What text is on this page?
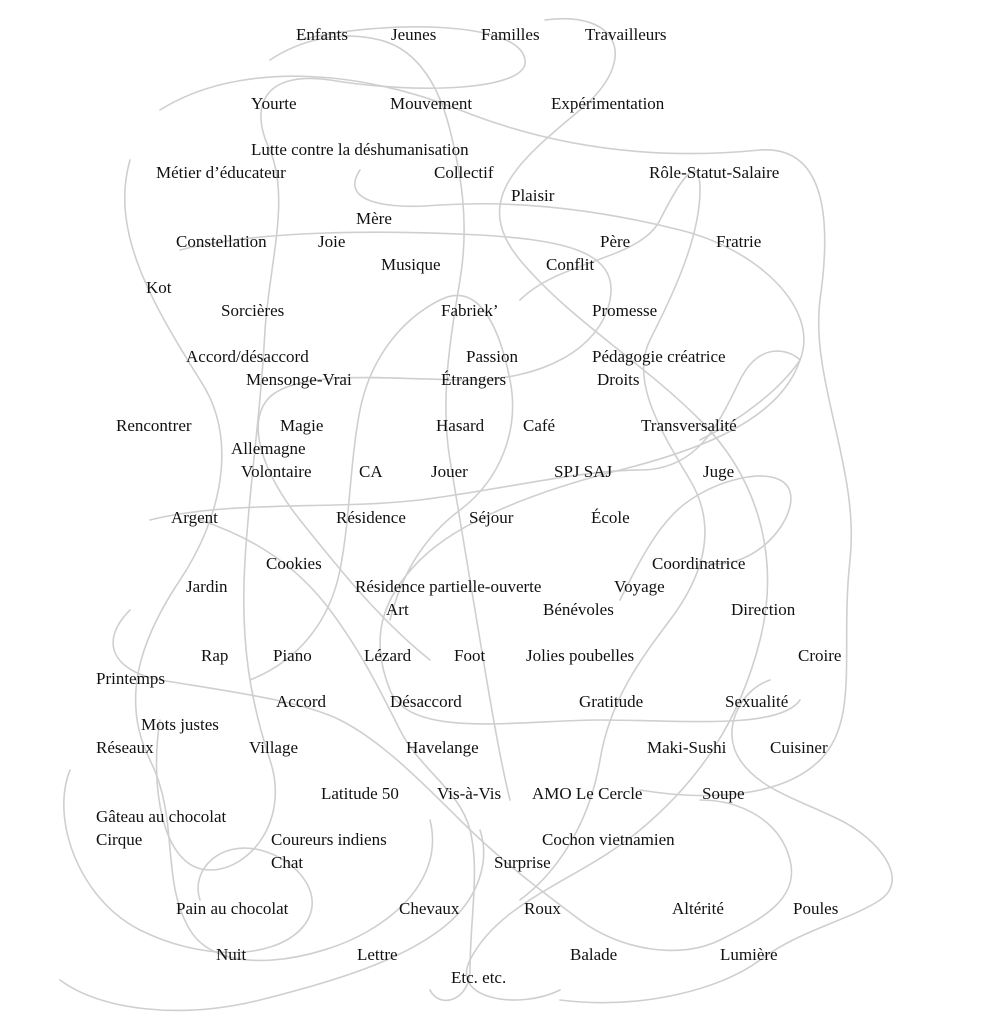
Enfants	Jeunes	Familles	Travailleurs
Yourte	Mouvement	Expérimentation
Lutte contre la déshumanisation
Métier d’éducateur	Collectif	Rôle-Statut-Salaire
Plaisir
Mère
Constellation	Joie	Père	Fratrie
Musique	Conflit
Kot
Sorcières	Fabriek’	Promesse
Accord/désaccord	Passion	Pédagogie créatrice
Mensonge-Vrai	Étrangers	Droits
Rencontrer	Magie	Hasard Café	Transversalité
Allemagne
Volontaire	CA	Jouer	SPJ SAJ	Juge
Argent	Résidence	Séjour	École
Cookies	Coordinatrice
Jardin	Résidence partielle-ouverte	Voyage
Art	Bénévoles	Direction
Rap	Piano	Lézard	Foot Jolies poubelles	Croire
Printemps
Accord	Désaccord	Gratitude	Sexualité
Mots justes
Réseaux	Village	Havelange	Maki-Sushi	Cuisiner
Latitude 50 Vis-à-Vis AMO Le Cercle	Soupe
Gâteau au chocolat
Cirque	Coureurs indiens	Cochon vietnamien
Chat	Surprise
Pain au chocolat	Chevaux	Roux	Altérité	Poules
Nuit	Lettre	Balade	Lumière
Etc. etc.
